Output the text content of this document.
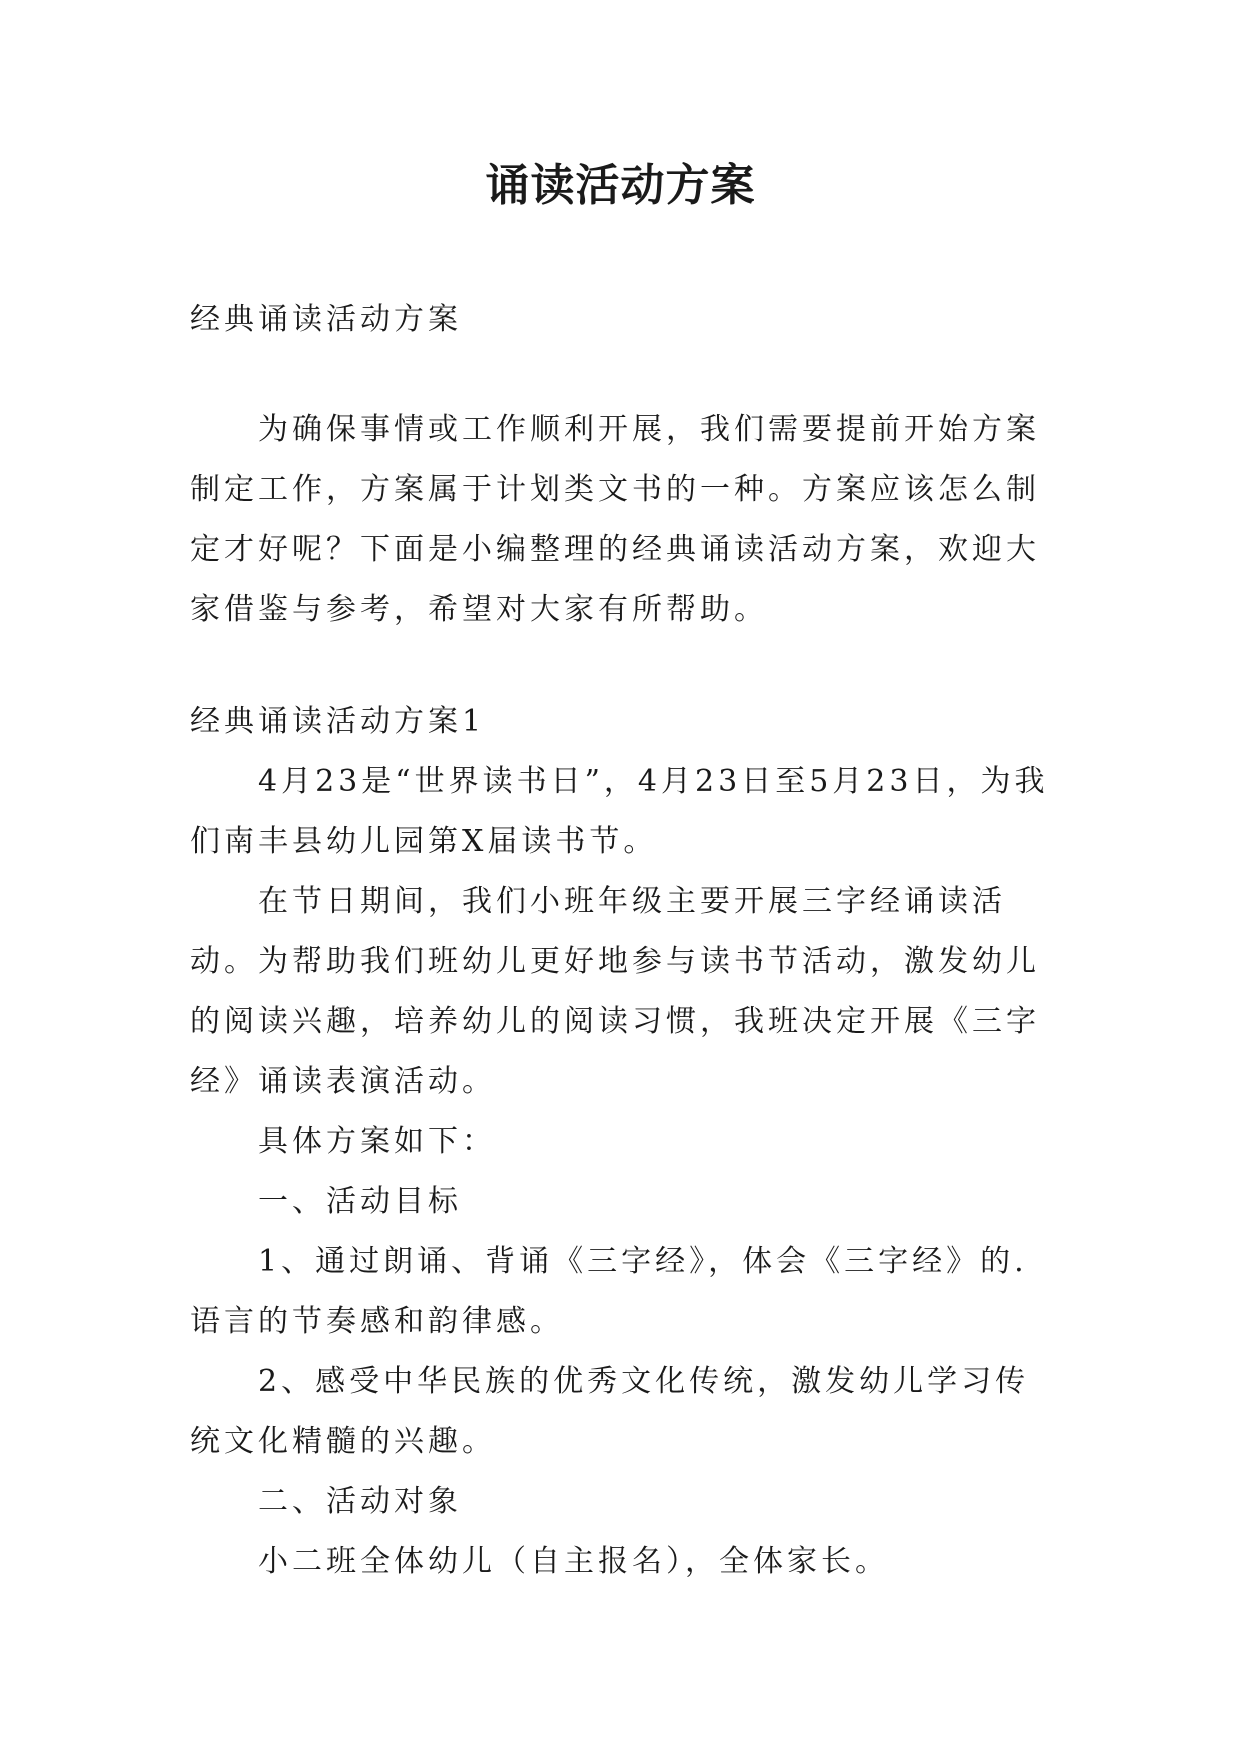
诵读活动方案

经典诵读活动方案

为确保事情或工作顺利开展，我们需要提前开始方案制定工作，方案属于计划类文书的一种。方案应该怎么制定才好呢？下面是小编整理的经典诵读活动方案，欢迎大家借鉴与参考，希望对大家有所帮助。

经典诵读活动方案1

4月23是“世界读书日”，4月23日至5月23日，为我们南丰县幼儿园第X届读书节。

在节日期间，我们小班年级主要开展三字经诵读活动。为帮助我们班幼儿更好地参与读书节活动，激发幼儿的阅读兴趣，培养幼儿的阅读习惯，我班决定开展《三字经》诵读表演活动。

具体方案如下：

一、活动目标

1、通过朗诵、背诵《三字经》，体会《三字经》的.语言的节奏感和韵律感。

2、感受中华民族的优秀文化传统，激发幼儿学习传统文化精髓的兴趣。

二、活动对象

小二班全体幼儿（自主报名），全体家长。
